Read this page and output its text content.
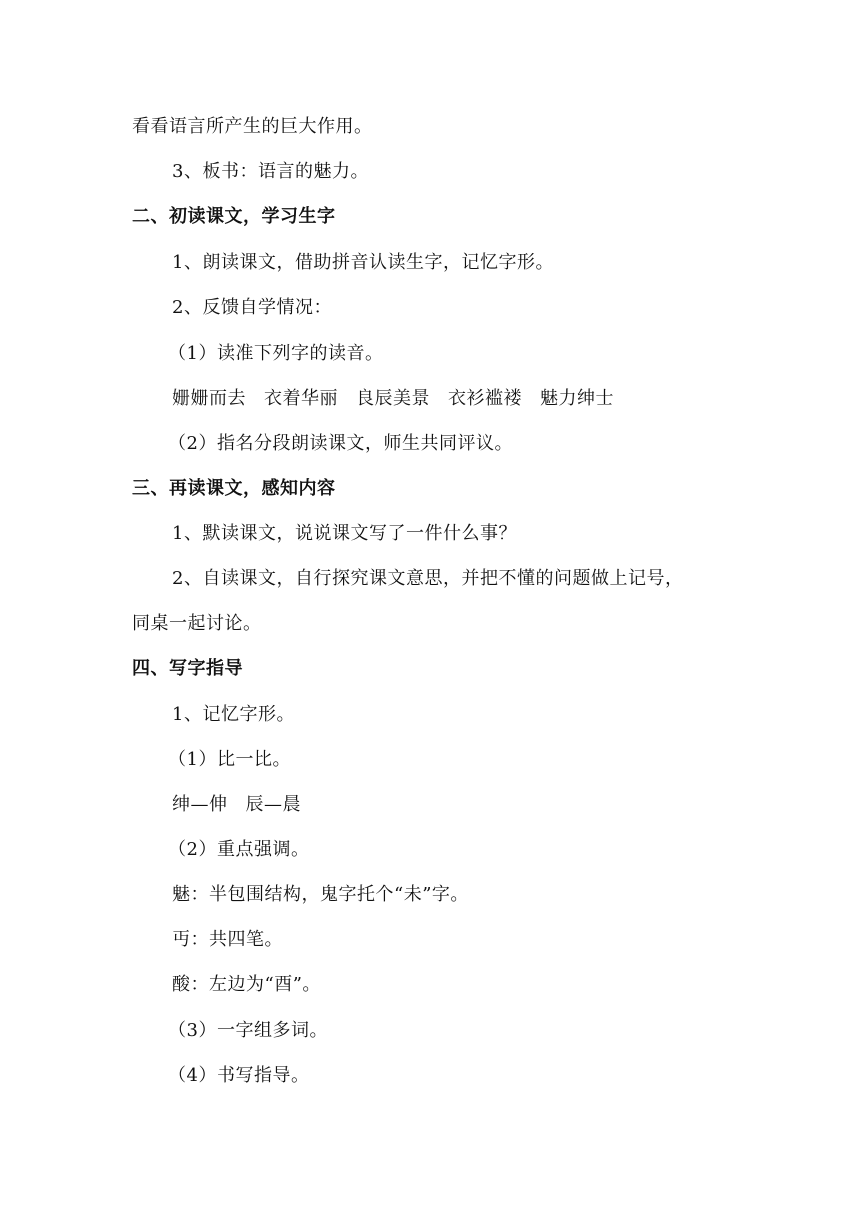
看看语言所产生的巨大作用。
3、板书：语言的魅力。
二、初读课文，学习生字
1、朗读课文，借助拼音认读生字，记忆字形。
2、反馈自学情况：
（1）读准下列字的读音。
姗姗而去 衣着华丽 良辰美景 衣衫褴褛 魅力绅士
（2）指名分段朗读课文，师生共同评议。
三、再读课文，感知内容
1、默读课文，说说课文写了一件什么事？
2、自读课文，自行探究课文意思，并把不懂的问题做上记号，
同桌一起讨论。
四、写字指导
1、记忆字形。
（1）比一比。
绅—伸 辰—晨
（2）重点强调。
魅：半包围结构，鬼字托个“未”字。
丏：共四笔。
酸：左边为“酉”。
（3）一字组多词。
（4）书写指导。
